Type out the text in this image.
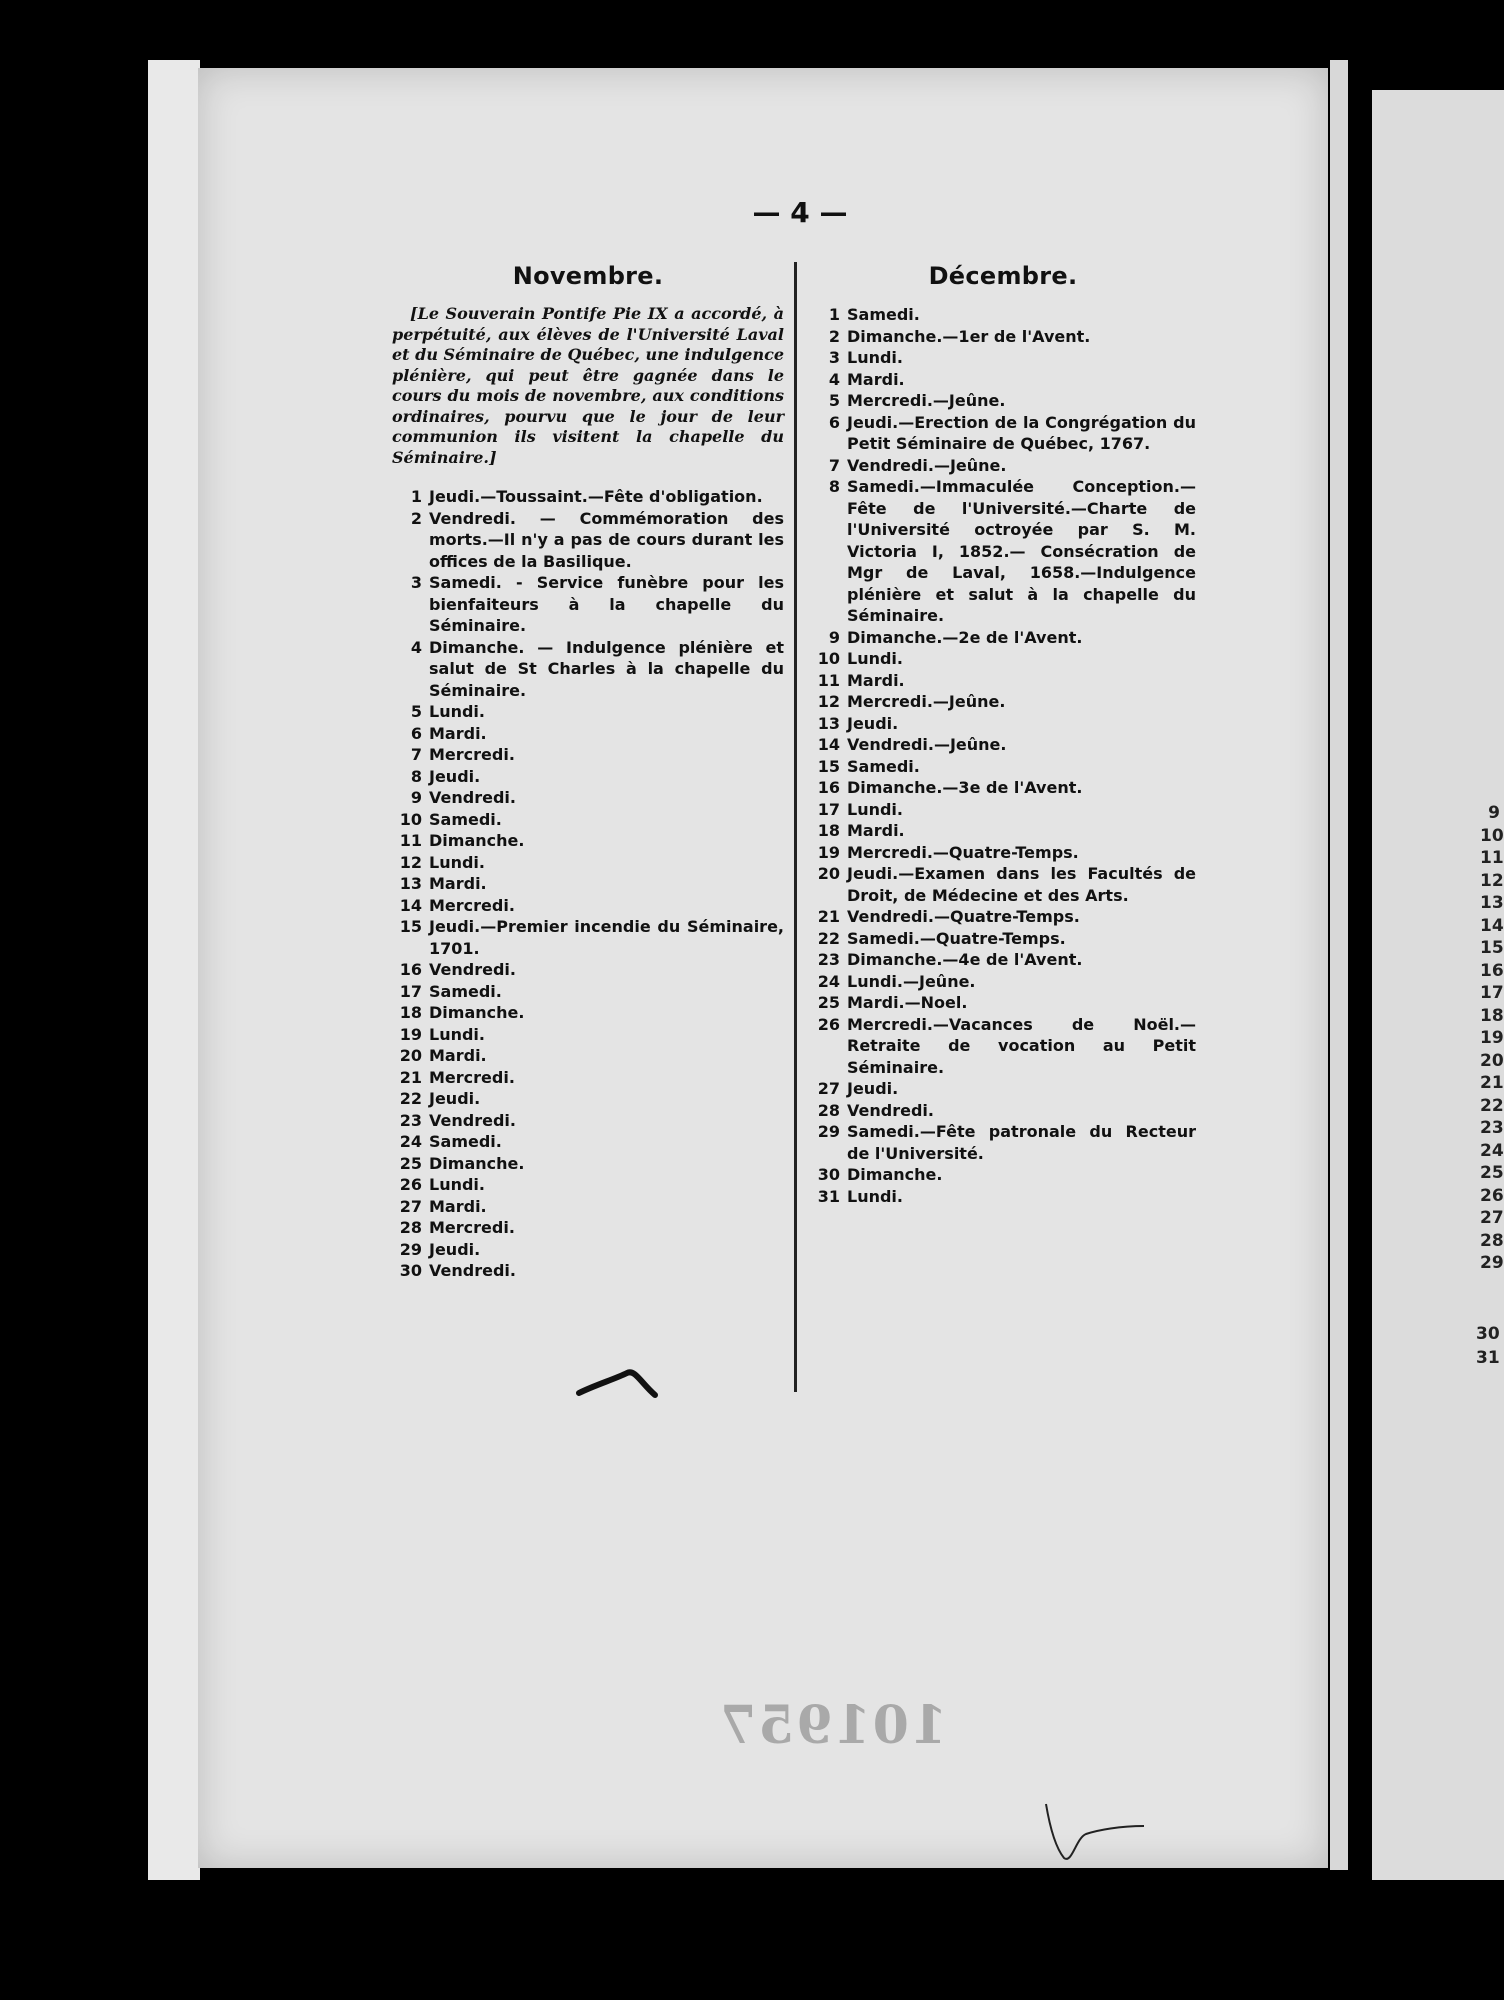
9
10
11
12
13
14
15
16
17
18
19
20
21
22
23
24
25
26
27
28
29
30
31
— 4 —
Novembre.

[Le Souverain Pontife Pie IX a accordé, à perpétuité, aux élèves de l'Université Laval et du Séminaire de Québec, une indulgence plénière, qui peut être gagnée dans le cours du mois de novembre, aux conditions ordinaires, pourvu que le jour de leur communion ils visitent la chapelle du Séminaire.]

1 Jeudi.—Toussaint.—Fête d'obligation.
2 Vendredi. — Commémoration des morts.—Il n'y a pas de cours durant les offices de la Basilique.
3 Samedi. - Service funèbre pour les bienfaiteurs à la chapelle du Séminaire.
4 Dimanche. — Indulgence plénière et salut de St Charles à la chapelle du Séminaire.
5 Lundi.
6 Mardi.
7 Mercredi.
8 Jeudi.
9 Vendredi.
10 Samedi.
11 Dimanche.
12 Lundi.
13 Mardi.
14 Mercredi.
15 Jeudi.—Premier incendie du Séminaire, 1701.
16 Vendredi.
17 Samedi.
18 Dimanche.
19 Lundi.
20 Mardi.
21 Mercredi.
22 Jeudi.
23 Vendredi.
24 Samedi.
25 Dimanche.
26 Lundi.
27 Mardi.
28 Mercredi.
29 Jeudi.
30 Vendredi.
Décembre.
1 Samedi.
2 Dimanche.—1er de l'Avent.
3 Lundi.
4 Mardi.
5 Mercredi.—Jeûne.
6 Jeudi.—Erection de la Congrégation du Petit Séminaire de Québec, 1767.
7 Vendredi.—Jeûne.
8 Samedi.—Immaculée Conception.—Fête de l'Université.—Charte de l'Université octroyée par S. M. Victoria I, 1852.— Consécration de Mgr de Laval, 1658.—Indulgence plénière et salut à la chapelle du Séminaire.
9 Dimanche.—2e de l'Avent.
10 Lundi.
11 Mardi.
12 Mercredi.—Jeûne.
13 Jeudi.
14 Vendredi.—Jeûne.
15 Samedi.
16 Dimanche.—3e de l'Avent.
17 Lundi.
18 Mardi.
19 Mercredi.—Quatre-Temps.
20 Jeudi.—Examen dans les Facultés de Droit, de Médecine et des Arts.
21 Vendredi.—Quatre-Temps.
22 Samedi.—Quatre-Temps.
23 Dimanche.—4e de l'Avent.
24 Lundi.—Jeûne.
25 Mardi.—Noel.
26 Mercredi.—Vacances de Noël.—Retraite de vocation au Petit Séminaire.
27 Jeudi.
28 Vendredi.
29 Samedi.—Fête patronale du Recteur de l'Université.
30 Dimanche.
31 Lundi.
101957
